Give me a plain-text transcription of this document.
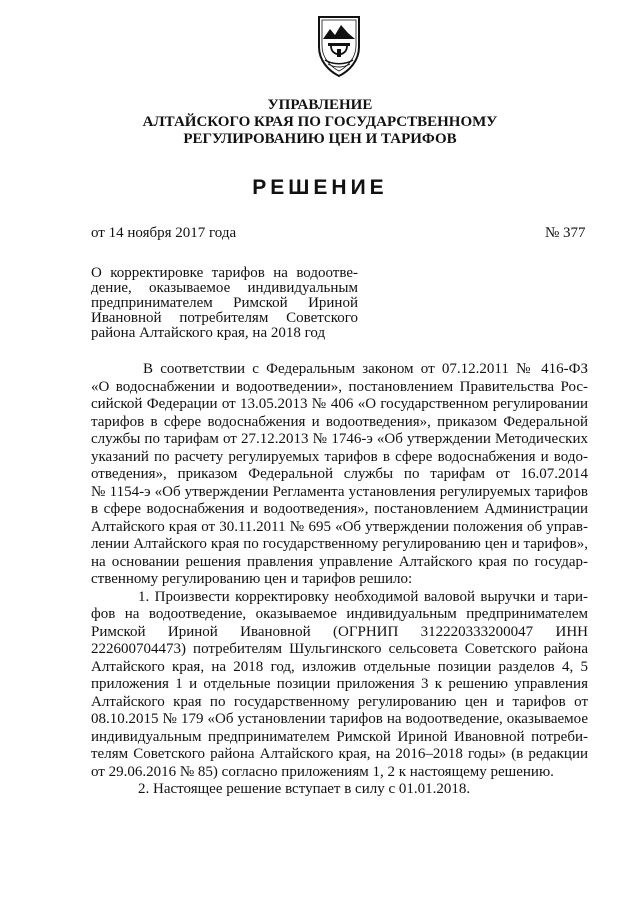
УПРАВЛЕНИЕ
АЛТАЙСКОГО КРАЯ ПО ГОСУДАРСТВЕННОМУ
РЕГУЛИРОВАНИЮ ЦЕН И ТАРИФОВ
РЕШЕНИЕ
от 14 ноября 2017 года	№ 377
О корректировке тарифов на водоотве-
дение, оказываемое индивидуальным
предпринимателем Римской Ириной
Ивановной потребителям Советского
района Алтайского края, на 2018 год
В соответствии с Федеральным законом от 07.12.2011 № 416-ФЗ
«О водоснабжении и водоотведении», постановлением Правительства Рос-
сийской Федерации от 13.05.2013 № 406 «О государственном регулировании
тарифов в сфере водоснабжения и водоотведения», приказом Федеральной
службы по тарифам от 27.12.2013 № 1746-э «Об утверждении Методических
указаний по расчету регулируемых тарифов в сфере водоснабжения и водо-
отведения», приказом Федеральной службы по тарифам от 16.07.2014
№ 1154-э «Об утверждении Регламента установления регулируемых тарифов
в сфере водоснабжения и водоотведения», постановлением Администрации
Алтайского края от 30.11.2011 № 695 «Об утверждении положения об управ-
лении Алтайского края по государственному регулированию цен и тарифов»,
на основании решения правления управление Алтайского края по государ-
ственному регулированию цен и тарифов решило:
1. Произвести корректировку необходимой валовой выручки и тари-
фов на водоотведение, оказываемое индивидуальным предпринимателем
Римской Ириной Ивановной (ОГРНИП 312220333200047 ИНН
222600704473) потребителям Шульгинского сельсовета Советского района
Алтайского края, на 2018 год, изложив отдельные позиции разделов 4, 5
приложения 1 и отдельные позиции приложения 3 к решению управления
Алтайского края по государственному регулированию цен и тарифов от
08.10.2015 № 179 «Об установлении тарифов на водоотведение, оказываемое
индивидуальным предпринимателем Римской Ириной Ивановной потреби-
телям Советского района Алтайского края, на 2016–2018 годы» (в редакции
от 29.06.2016 № 85) согласно приложениям 1, 2 к настоящему решению.
2. Настоящее решение вступает в силу с 01.01.2018.
